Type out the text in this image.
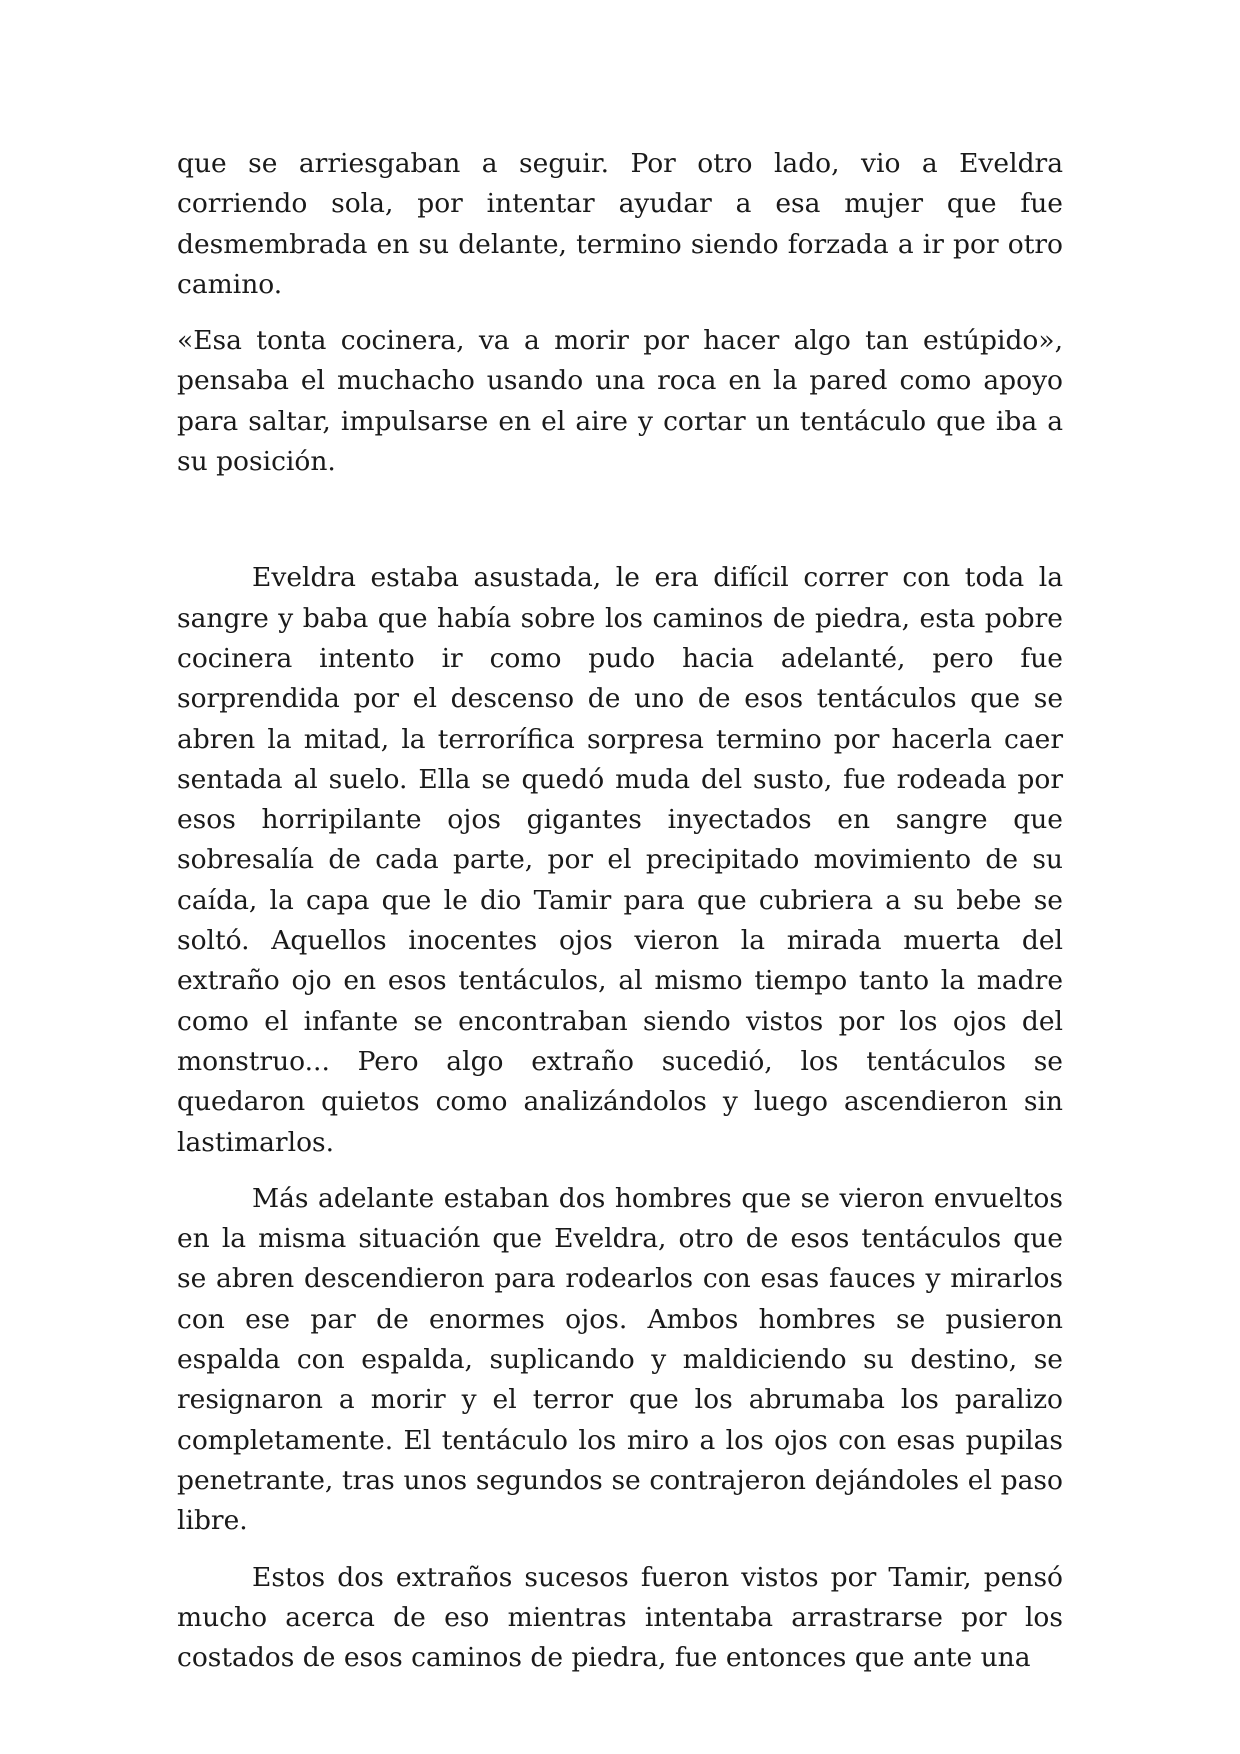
que se arriesgaban a seguir. Por otro lado, vio a Eveldra corriendo sola, por intentar ayudar a esa mujer que fue desmembrada en su delante, termino siendo forzada a ir por otro camino.

«Esa tonta cocinera, va a morir por hacer algo tan estúpido», pensaba el muchacho usando una roca en la pared como apoyo para saltar, impulsarse en el aire y cortar un tentáculo que iba a su posición.

Eveldra estaba asustada, le era difícil correr con toda la sangre y baba que había sobre los caminos de piedra, esta pobre cocinera intento ir como pudo hacia adelanté, pero fue sorprendida por el descenso de uno de esos tentáculos que se abren la mitad, la terrorífica sorpresa termino por hacerla caer sentada al suelo. Ella se quedó muda del susto, fue rodeada por esos horripilante ojos gigantes inyectados en sangre que sobresalía de cada parte, por el precipitado movimiento de su caída, la capa que le dio Tamir para que cubriera a su bebe se soltó. Aquellos inocentes ojos vieron la mirada muerta del extraño ojo en esos tentáculos, al mismo tiempo tanto la madre como el infante se encontraban siendo vistos por los ojos del monstruo... Pero algo extraño sucedió, los tentáculos se quedaron quietos como analizándolos y luego ascendieron sin lastimarlos.

Más adelante estaban dos hombres que se vieron envueltos en la misma situación que Eveldra, otro de esos tentáculos que se abren descendieron para rodearlos con esas fauces y mirarlos con ese par de enormes ojos. Ambos hombres se pusieron espalda con espalda, suplicando y maldiciendo su destino, se resignaron a morir y el terror que los abrumaba los paralizo completamente. El tentáculo los miro a los ojos con esas pupilas penetrante, tras unos segundos se contrajeron dejándoles el paso libre.

Estos dos extraños sucesos fueron vistos por Tamir, pensó mucho acerca de eso mientras intentaba arrastrarse por los costados de esos caminos de piedra, fue entonces que ante una
